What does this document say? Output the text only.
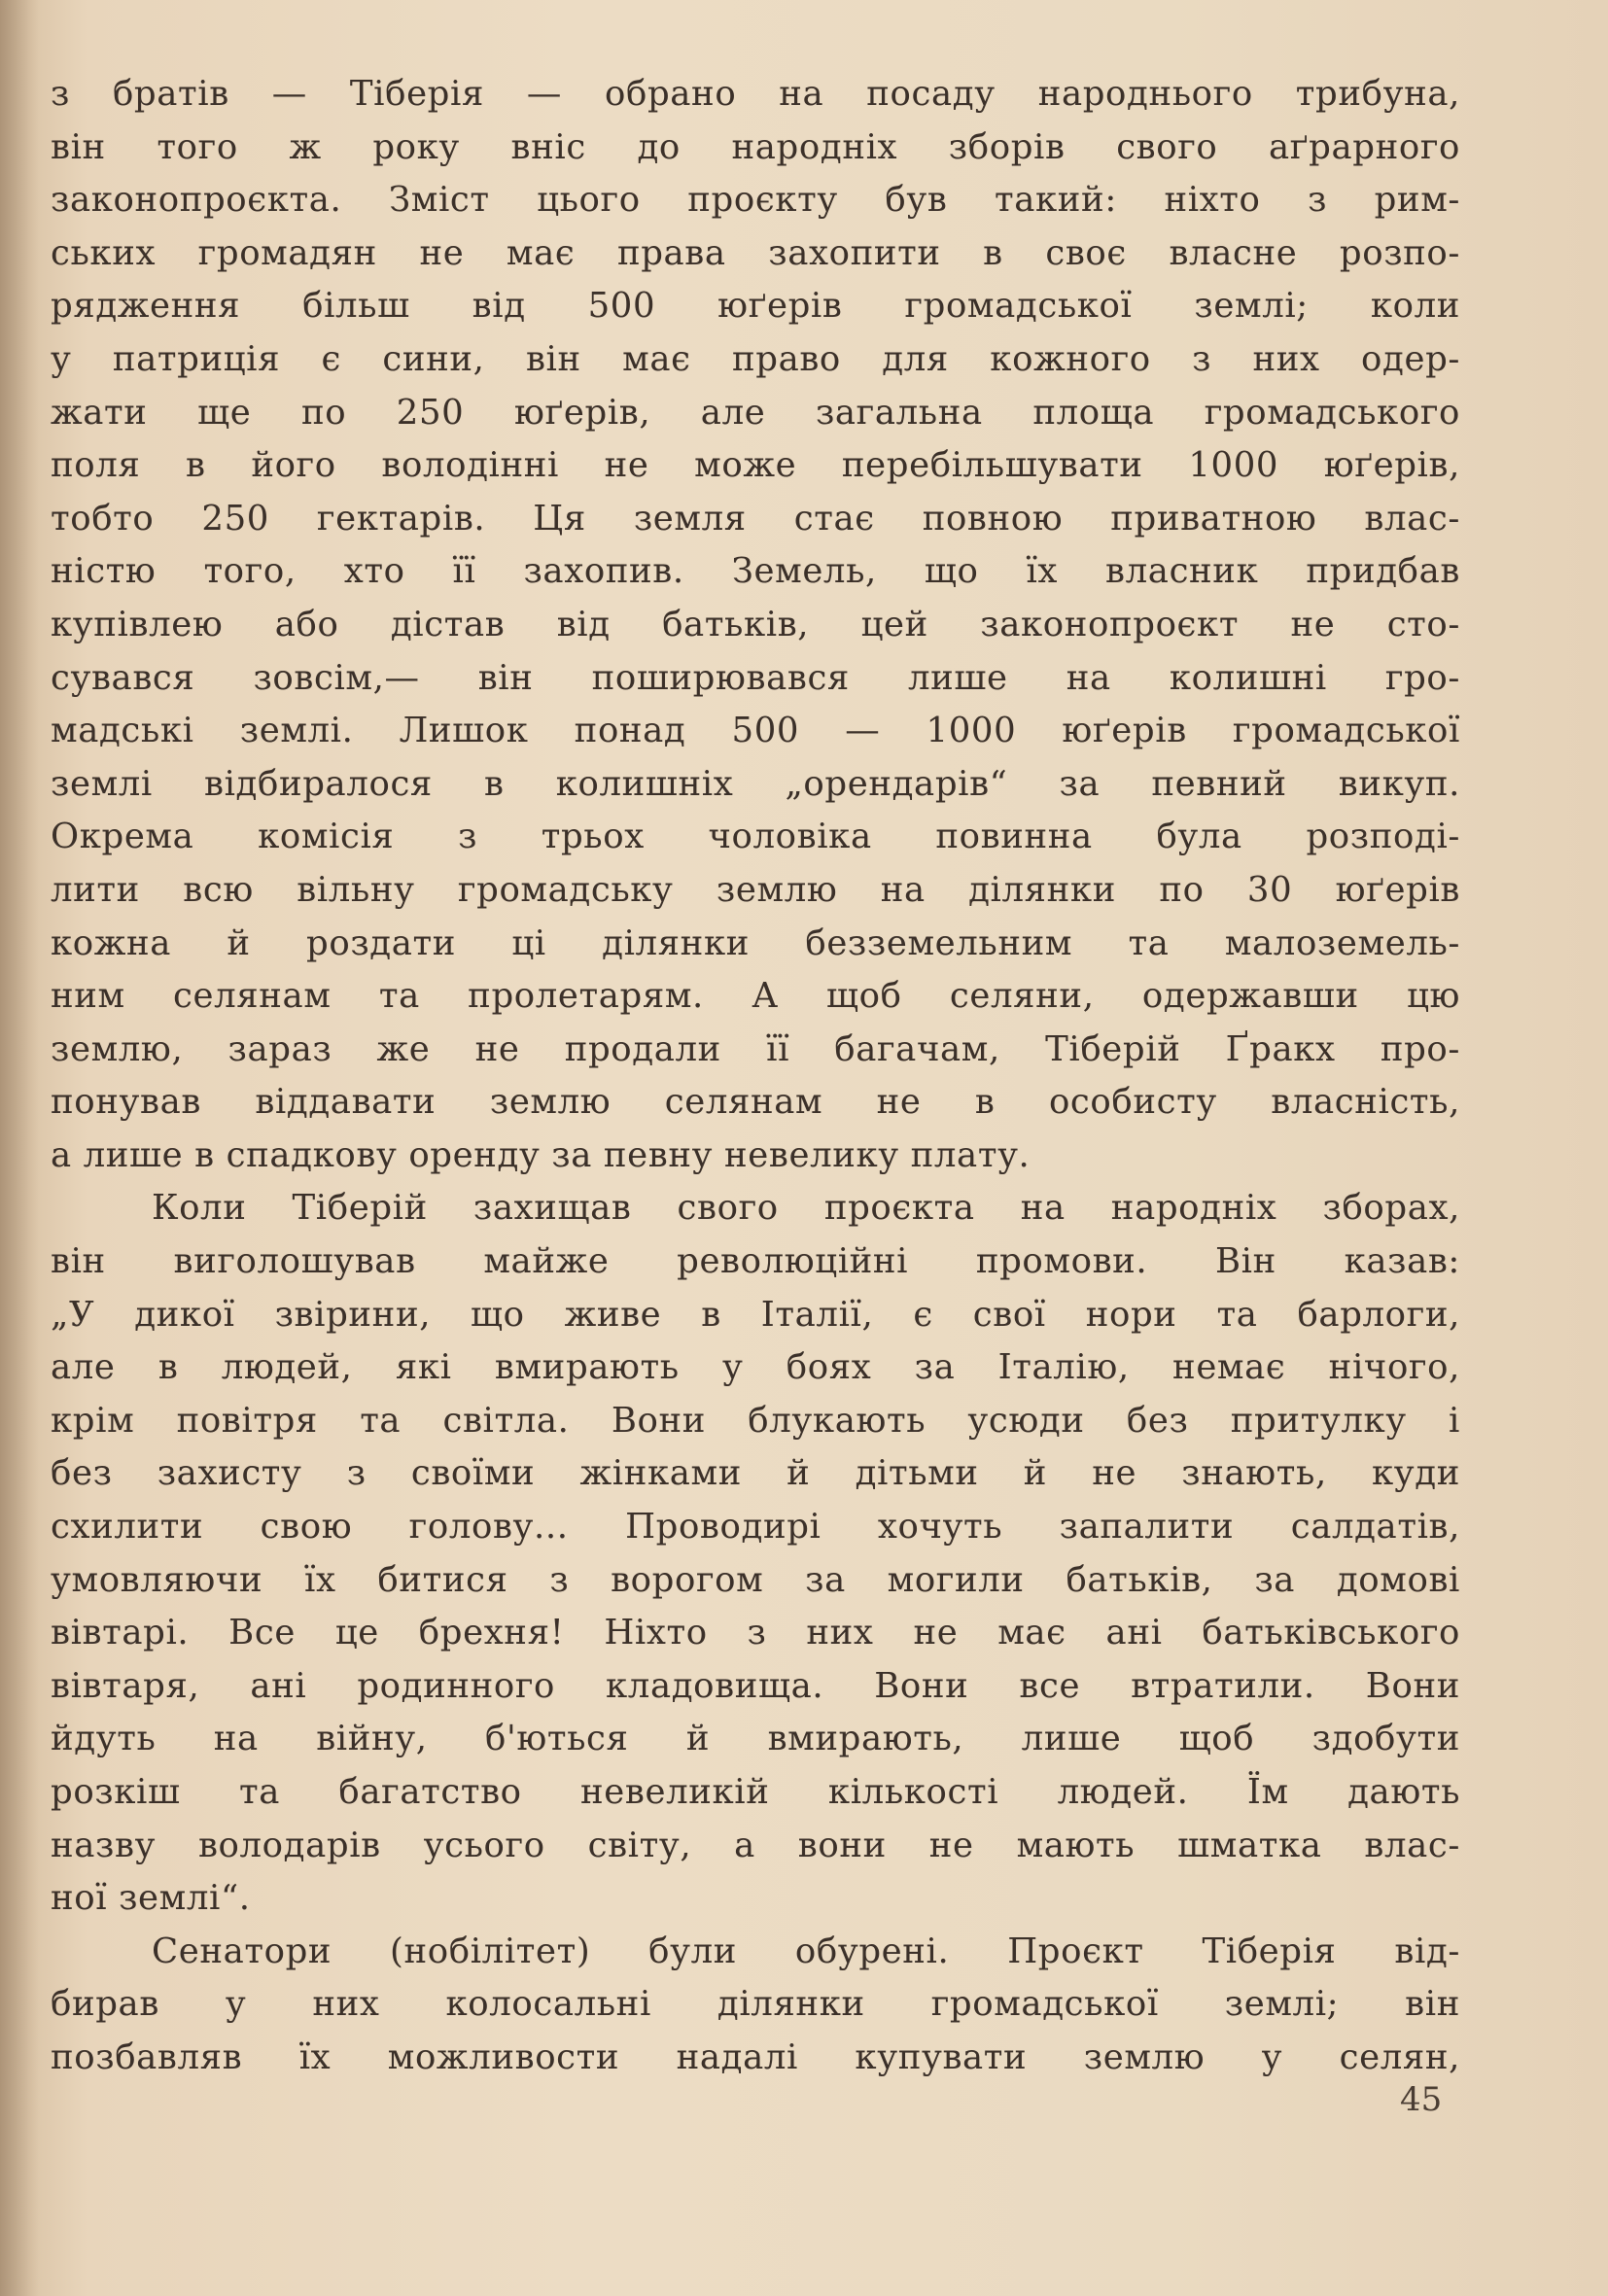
з братів — Тіберія — обрано на посаду народнього трибуна,
він того ж року вніс до народніх зборів свого аґрарного
законопроєкта. Зміст цього проєкту був такий: ніхто з рим-
ських громадян не має права захопити в своє власне розпо-
рядження більш від 500 юґерів громадської землі; коли
у патриція є сини, він має право для кожного з них одер-
жати ще по 250 юґерів, але загальна площа громадського
поля в його володінні не може перебільшувати 1000 юґерів,
тобто 250 гектарів. Ця земля стає повною приватною влас-
ністю того, хто її захопив. Земель, що їх власник придбав
купівлею або дістав від батьків, цей законопроєкт не сто-
сувався зовсім,— він поширювався лише на колишні гро-
мадські землі. Лишок понад 500 — 1000 юґерів громадської
землі відбиралося в колишніх „орендарів“ за певний викуп.
Окрема комісія з трьох чоловіка повинна була розподі-
лити всю вільну громадську землю на ділянки по 30 юґерів
кожна й роздати ці ділянки безземельним та малоземель-
ним селянам та пролетарям. А щоб селяни, одержавши цю
землю, зараз же не продали її багачам, Тіберій Ґракх про-
понував віддавати землю селянам не в особисту власність,
а лише в спадкову оренду за певну невелику плату.
Коли Тіберій захищав свого проєкта на народніх зборах,
він виголошував майже революційні промови. Він казав:
„У дикої звірини, що живе в Італії, є свої нори та барлоги,
але в людей, які вмирають у боях за Італію, немає нічого,
крім повітря та світла. Вони блукають усюди без притулку і
без захисту з своїми жінками й дітьми й не знають, куди
схилити свою голову... Проводирі хочуть запалити салдатів,
умовляючи їх битися з ворогом за могили батьків, за домові
вівтарі. Все це брехня! Ніхто з них не має ані батьківського
вівтаря, ані родинного кладовища. Вони все втратили. Вони
йдуть на війну, б'ються й вмирають, лише щоб здобути
розкіш та багатство невеликій кількості людей. Їм дають
назву володарів усього світу, а вони не мають шматка влас-
ної землі“.
Сенатори (нобілітет) були обурені. Проєкт Тіберія від-
бирав у них колосальні ділянки громадської землі; він
позбавляв їх можливости надалі купувати землю у селян,
45
